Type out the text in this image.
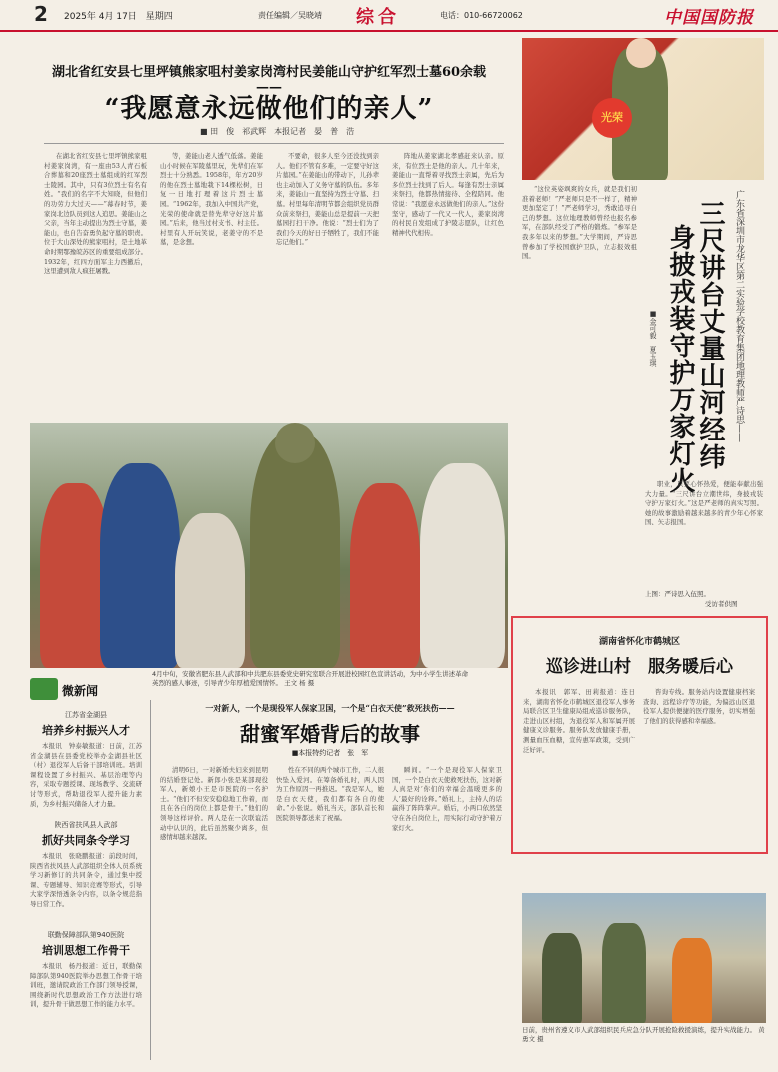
2 2025年 4月 17日　星期四	责任编辑／吴晓靖 综合	电话：010-66720062	中国国防报
湖北省红安县七里坪镇熊家咀村姜家岗湾村民姜能山守护红军烈士墓60余载——
“我愿意永远做他们的亲人”
■ 田　俊　祁武辉　本报记者　晏　普　浩

在湖北省红安县七里坪镇熊家咀村姜家岗湾，有一座由53人青石板合葬墓和20座烈士墓组成的红军烈士陵园。其中，只有3位烈士有名有姓。“我们的名字不大知晓，但他们的功劳力大过天——”幕春时节，姜家岗北边队员到这人追思。姜能山之父亲，当年主动提出为烈士守墓，姜能山，也自告奋勇负起守墓的职责。位于大山深处的熊家咀村，是土地革命时期鄂豫皖苏区的重要组成部分。1932年，红四方面军主力西撤后，这里遭到敌人疯狂屠戮。

等，姜能山老人透气低落。姜能山小时候在军陵墓里玩，先辈们在军烈士十分熟悉。1958年，年方20岁的他在烈士墓地栽下14棵松树，日复一日地打理着这片烈士墓园。“1962年，我加入中国共产党，光荣的使命就是替先辈守好这片墓园。”后来，他当过村支书、村主任。村里有人开玩笑说，老姜守的不是墓，是念想。

不要命，很多人至今还没找到亲人。他们不管有多难，一定要守好这片墓园。”在姜能山的带动下，儿孙辈也主动加入了义务守墓的队伍。多年来，姜能山一直坚持为烈士守墓、扫墓。村里每年清明节都会组织党员群众前来祭扫，姜能山总是提前一天把墓园打扫干净。他说：“烈士们为了我们今天的好日子牺牲了，我们不能忘记他们。”

阵地从姜家湖北孝感赶来认亲。原来，有位烈士是他的亲人。几十年来，姜能山一直帮着寻找烈士亲属，先后为多位烈士找到了后人。每逢有烈士亲属来祭扫，他都热情接待、全程陪同。他常说：“我愿意永远做他们的亲人。”这份坚守，感动了一代又一代人，姜家岗湾的村民自发组成了护陵志愿队，让红色精神代代相传。

4月中旬，安徽省肥东县人武部和中共肥东县委党史研究室联合开展进校园红色宣讲活动，为中小学生讲述革命英烈的感人事迹，引导青少年厚植爱国情怀。 王文 杨 摄
微新闻
江苏省金湖县
培养乡村振兴人才

本报讯　钟泰敏报道：日前，江苏省金湖县在县委党校举办金湖县社区（村）退役军人后备干部培训班。培训课程设置了乡村振兴、基层治理等内容，采取专题授课、现场教学、交流研讨等形式，帮助退役军人提升能力素质，为乡村振兴储备人才力量。

陕西省扶风县人武部
抓好共同条令学习

本报讯　张晓鹏报道：前段时间，陕西省扶风县人武部组织全体人员系统学习新修订的共同条令，通过集中授课、专题辅导、知识竞赛等形式，引导大家学深悟透条令内容，以条令规范指导日常工作。

联勤保障部队第940医院
培训思想工作骨干

本报讯　杨丹报道：近日，联勤保障部队第940医院举办思想工作骨干培训班，邀请院政治工作部门领导授课，围绕新时代思想政治工作方法进行培训，提升骨干做思想工作的能力水平。

一对新人，一个是现役军人保家卫国，一个是“白衣天使”救死扶伤——
甜蜜军婚背后的故事
■本报特约记者　张　军

清明6日，一对新婚夫妇来到昆明的结婚登记处。新郎小张是某部现役军人，新娘小王是市医院的一名护士。“他们不但安安稳稳地工作着，而且在各自的岗位上都是骨干。”他们的领导这样评价。两人是在一次联谊活动中认识的，此后虽然聚少离多，但感情却越来越深。

性在不同的两个城市工作，二人很快坠入爱河。在筹备婚礼时，两人因为工作原因一再推迟。“我是军人，她是白衣天使，我们都有各自的使命。”小张说。婚礼当天，部队首长和医院领导都送来了祝福。

瞬间。“一个是现役军人保家卫国，一个是白衣天使救死扶伤，这对新人真是对‘你们的幸福会温暖更多的人’最好的诠释。”婚礼上，主持人的话赢得了阵阵掌声。婚后，小两口依然坚守在各自岗位上，用实际行动守护着万家灯火。

光荣
广东省深圳市龙华区第二实验学校教育集团地理教师严诗思——
三尺讲台丈量山河经纬
身披戎装守护万家灯火
■金可毅　夏玉琪

“这位英姿飒爽的女兵，就是我们初准着老师！”严老师只是不一样了，精神更加坚定了！”严老师学习，秀敢追寻自己的梦想。这位地理教师曾经也报名参军，在部队经受了严格的锻炼。“参军是我多年以来的梦想。”大学期间，严诗思曾参加了学校国旗护卫队，立志报效祖国。

职业，只要心怀热爱，便能奉献出强大力量。“三尺讲台立潮世纬，身披戎装守护万家灯火。”这是严老师的真实写照。她的故事激励着越来越多的青少年心怀家国、矢志报国。

上图：严诗思入伍照。
受访者供图
湖南省怀化市鹤城区
巡诊进山村　服务暖后心

本报讯　郭军、田莉报道：连日来，湖南省怀化市鹤城区退役军人事务局联合区卫生健康局组成巡诊服务队，走进山区村组，为退役军人和军属开展健康义诊服务。服务队发放健康手册，测量血压血糖，宣传惠军政策，受到广泛好评。

咨询专线。服务站内设置健康档案查询、远程诊疗等功能，为偏远山区退役军人提供便捷的医疗服务，切实增强了他们的获得感和幸福感。

日前，贵州省遵义市人武部组织民兵应急分队开展抢险救援演练，提升实战能力。 黄勇文 摄
